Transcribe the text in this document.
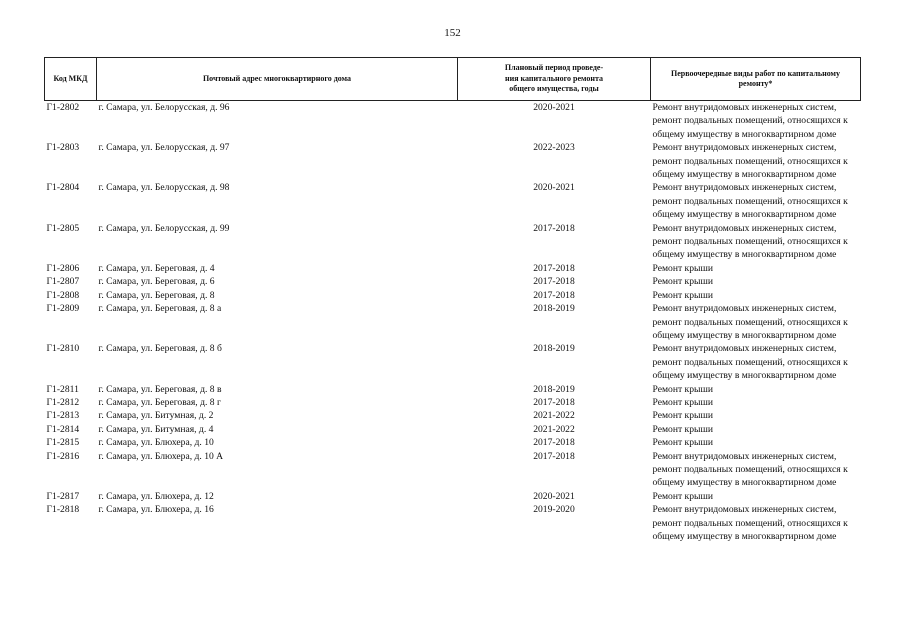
152
Код МКД	Почтовый адрес многоквартирного дома	Плановый период проведе-
ния капитального ремонта
общего имущества, годы	Первоочередные виды работ по капитальному
ремонту*

Г1-2802	г. Самара, ул. Белорусская, д. 96	2020-2021	Ремонт внутридомовых инженерных систем,
ремонт подвальных помещений, относящихся к
общему имуществу в многоквартирном доме

Г1-2803	г. Самара, ул. Белорусская, д. 97	2022-2023	Ремонт внутридомовых инженерных систем,
ремонт подвальных помещений, относящихся к
общему имуществу в многоквартирном доме

Г1-2804	г. Самара, ул. Белорусская, д. 98	2020-2021	Ремонт внутридомовых инженерных систем,
ремонт подвальных помещений, относящихся к
общему имуществу в многоквартирном доме

Г1-2805	г. Самара, ул. Белорусская, д. 99	2017-2018	Ремонт внутридомовых инженерных систем,
ремонт подвальных помещений, относящихся к
общему имуществу в многоквартирном доме

Г1-2806	г. Самара, ул. Береговая, д. 4	2017-2018	Ремонт крыши

Г1-2807	г. Самара, ул. Береговая, д. 6	2017-2018	Ремонт крыши

Г1-2808	г. Самара, ул. Береговая, д. 8	2017-2018	Ремонт крыши

Г1-2809	г. Самара, ул. Береговая, д. 8 а	2018-2019	Ремонт внутридомовых инженерных систем,
ремонт подвальных помещений, относящихся к
общему имуществу в многоквартирном доме

Г1-2810	г. Самара, ул. Береговая, д. 8 б	2018-2019	Ремонт внутридомовых инженерных систем,
ремонт подвальных помещений, относящихся к
общему имуществу в многоквартирном доме

Г1-2811	г. Самара, ул. Береговая, д. 8 в	2018-2019	Ремонт крыши

Г1-2812	г. Самара, ул. Береговая, д. 8 г	2017-2018	Ремонт крыши

Г1-2813	г. Самара, ул. Битумная, д. 2	2021-2022	Ремонт крыши

Г1-2814	г. Самара, ул. Битумная, д. 4	2021-2022	Ремонт крыши

Г1-2815	г. Самара, ул. Блюхера, д. 10	2017-2018	Ремонт крыши

Г1-2816	г. Самара, ул. Блюхера, д. 10 А	2017-2018	Ремонт внутридомовых инженерных систем,
ремонт подвальных помещений, относящихся к
общему имуществу в многоквартирном доме

Г1-2817	г. Самара, ул. Блюхера, д. 12	2020-2021	Ремонт крыши

Г1-2818	г. Самара, ул. Блюхера, д. 16	2019-2020	Ремонт внутридомовых инженерных систем,
ремонт подвальных помещений, относящихся к
общему имуществу в многоквартирном доме
